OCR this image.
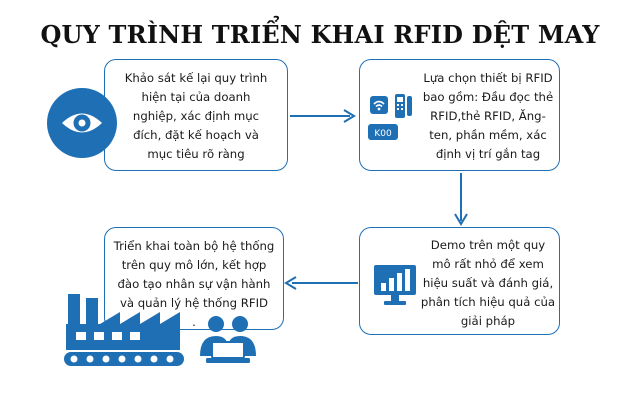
QUY TRÌNH TRIỂN KHAI RFID DỆT MAY
Khảo sát kế lại quy trình
hiện tại của doanh
nghiệp, xác định mục
đích, đặt kế hoạch và
mục tiêu rõ ràng
Lựa chọn thiết bị RFID
bao gồm: Đầu đọc thẻ
RFID,thẻ RFID, Ăng-
ten, phần mềm, xác
định vị trí gắn tag
K00
Demo trên một quy
mô rất nhỏ để xem
hiệu suất và đánh giá,
phân tích hiệu quả của
giải pháp
Triển khai toàn bộ hệ thống
trên quy mô lớn, kết hợp
đào tạo nhân sự vận hành
và quản lý hệ thống RFID
.
